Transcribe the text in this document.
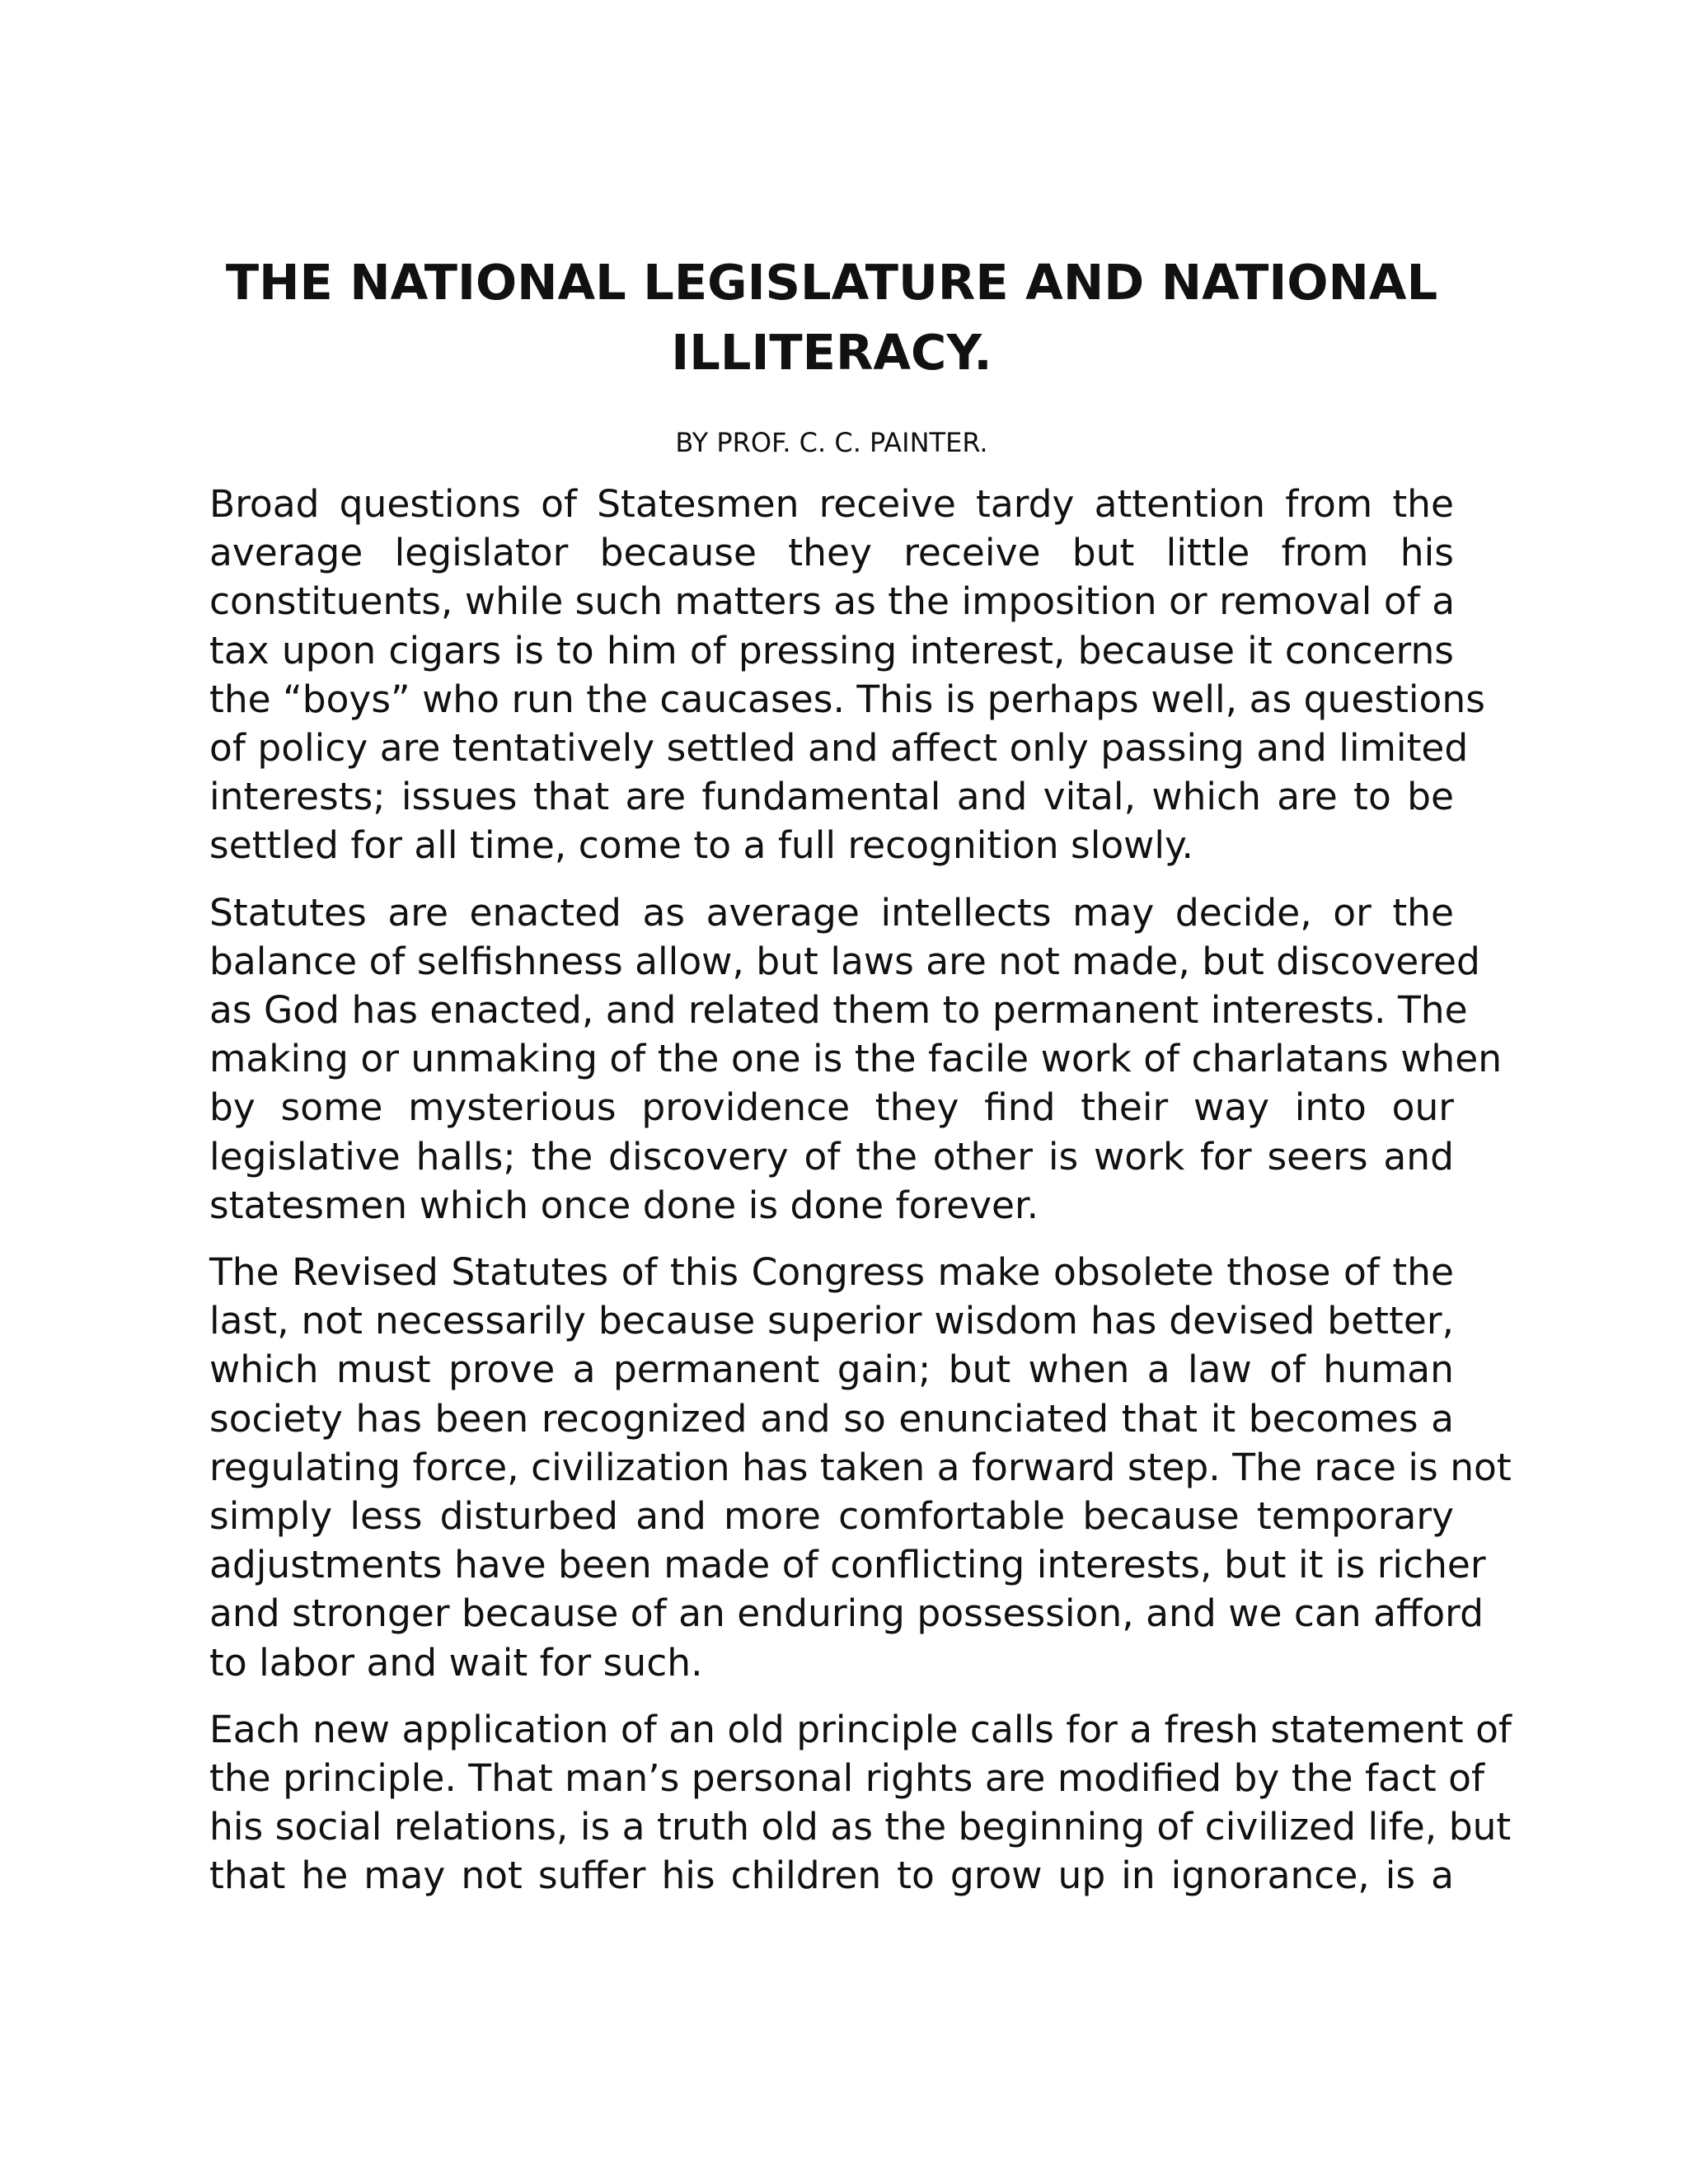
THE NATIONAL LEGISLATURE AND NATIONAL
ILLITERACY.
BY PROF. C. C. PAINTER.
Broad questions of Statesmen receive tardy attention from the
average legislator because they receive but little from his
constituents, while such matters as the imposition or removal of a
tax upon cigars is to him of pressing interest, because it concerns
the “boys” who run the caucases. This is perhaps well, as questions
of policy are tentatively settled and affect only passing and limited
interests; issues that are fundamental and vital, which are to be
settled for all time, come to a full recognition slowly.
Statutes are enacted as average intellects may decide, or the
balance of selfishness allow, but laws are not made, but discovered
as God has enacted, and related them to permanent interests. The
making or unmaking of the one is the facile work of charlatans when
by some mysterious providence they find their way into our
legislative halls; the discovery of the other is work for seers and
statesmen which once done is done forever.
The Revised Statutes of this Congress make obsolete those of the
last, not necessarily because superior wisdom has devised better,
which must prove a permanent gain; but when a law of human
society has been recognized and so enunciated that it becomes a
regulating force, civilization has taken a forward step. The race is not
simply less disturbed and more comfortable because temporary
adjustments have been made of conflicting interests, but it is richer
and stronger because of an enduring possession, and we can afford
to labor and wait for such.
Each new application of an old principle calls for a fresh statement of
the principle. That man’s personal rights are modified by the fact of
his social relations, is a truth old as the beginning of civilized life, but
that he may not suffer his children to grow up in ignorance, is a
